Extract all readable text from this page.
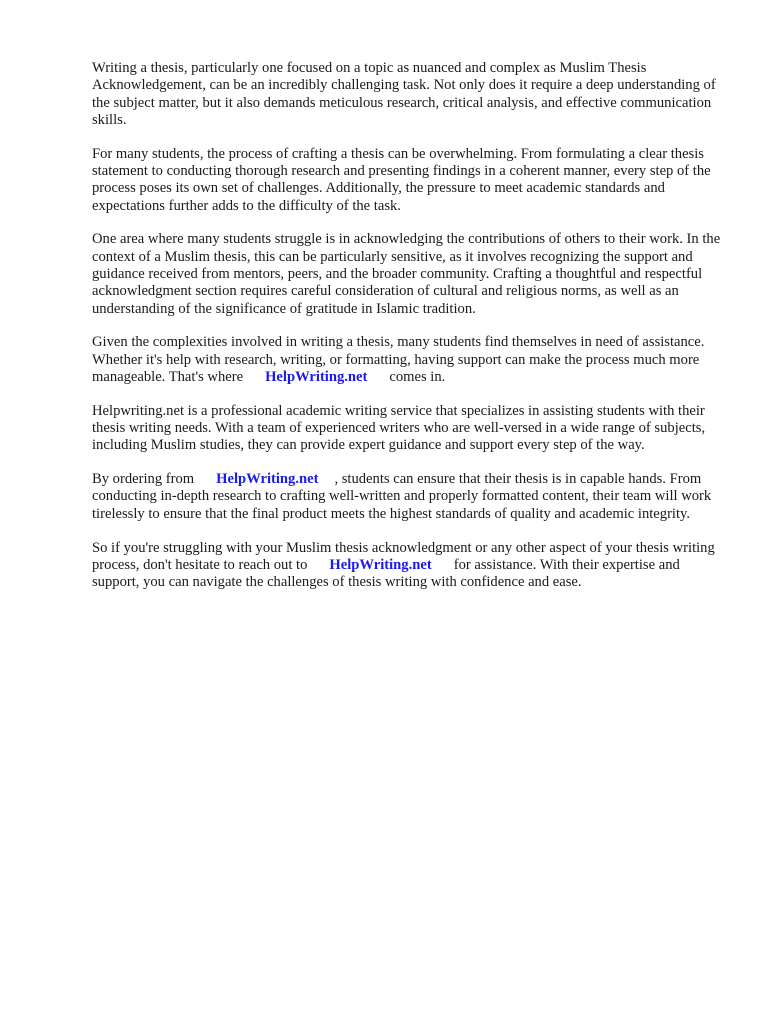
Writing a thesis, particularly one focused on a topic as nuanced and complex as Muslim Thesis Acknowledgement, can be an incredibly challenging task. Not only does it require a deep understanding of the subject matter, but it also demands meticulous research, critical analysis, and effective communication skills.

For many students, the process of crafting a thesis can be overwhelming. From formulating a clear thesis statement to conducting thorough research and presenting findings in a coherent manner, every step of the process poses its own set of challenges. Additionally, the pressure to meet academic standards and expectations further adds to the difficulty of the task.

One area where many students struggle is in acknowledging the contributions of others to their work. In the context of a Muslim thesis, this can be particularly sensitive, as it involves recognizing the support and guidance received from mentors, peers, and the broader community. Crafting a thoughtful and respectful acknowledgment section requires careful consideration of cultural and religious norms, as well as an understanding of the significance of gratitude in Islamic tradition.

Given the complexities involved in writing a thesis, many students find themselves in need of assistance. Whether it's help with research, writing, or formatting, having support can make the process much more manageable. That's where HelpWriting.net comes in.

Helpwriting.net is a professional academic writing service that specializes in assisting students with their thesis writing needs. With a team of experienced writers who are well-versed in a wide range of subjects, including Muslim studies, they can provide expert guidance and support every step of the way.

By ordering from HelpWriting.net , students can ensure that their thesis is in capable hands. From conducting in-depth research to crafting well-written and properly formatted content, their team will work tirelessly to ensure that the final product meets the highest standards of quality and academic integrity.

So if you're struggling with your Muslim thesis acknowledgment or any other aspect of your thesis writing process, don't hesitate to reach out to HelpWriting.net for assistance. With their expertise and support, you can navigate the challenges of thesis writing with confidence and ease.
